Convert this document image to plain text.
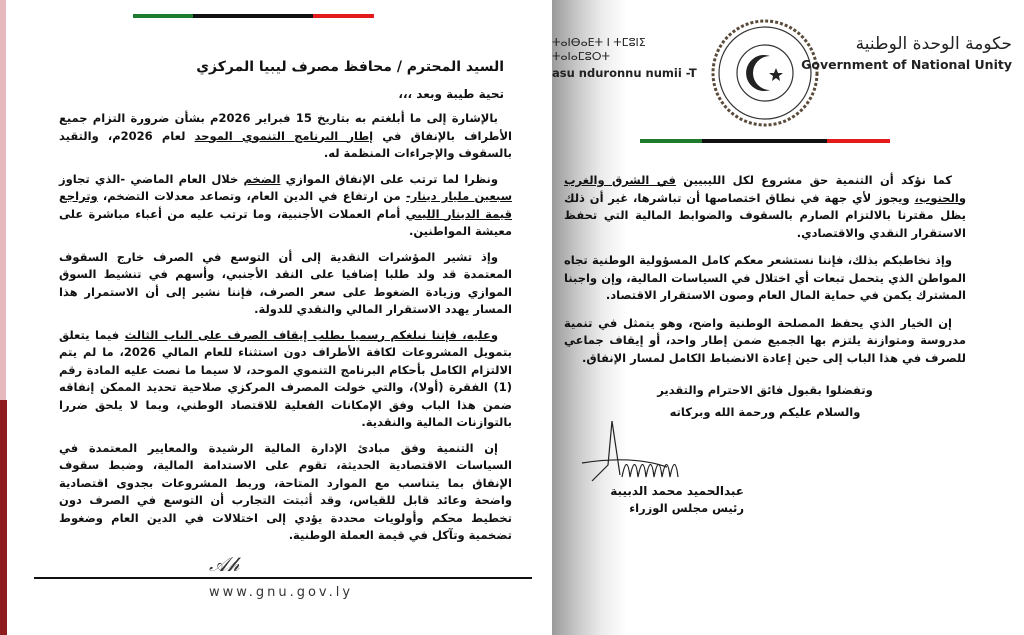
السيد المحترم / محافظ مصرف ليبيا المركزي
تحية طيبة وبعد ،،،

بالإشارة إلى ما أبلغتم به بتاريخ 15 فبراير 2026م بشأن ضرورة التزام جميع الأطراف بالإنفاق في إطار البرنامج التنموي الموحد لعام 2026م، والتقيد بالسقوف والإجراءات المنظمة له.

ونظرا لما ترتب على الإنفاق الموازي الضخم خلال العام الماضي -الذي تجاوز سبعين مليار دينار- من ارتفاع في الدين العام، وتصاعد معدلات التضخم، وتراجع قيمة الدينار الليبي أمام العملات الأجنبية، وما ترتب عليه من أعباء مباشرة على معيشة المواطنين.

وإذ تشير المؤشرات النقدية إلى أن التوسع في الصرف خارج السقوف المعتمدة قد ولد طلبا إضافيا على النقد الأجنبي، وأسهم في تنشيط السوق الموازي وزيادة الضغوط على سعر الصرف، فإننا نشير إلى أن الاستمرار هذا المسار يهدد الاستقرار المالي والنقدي للدولة.

وعليه، فإننا نبلغكم رسميا بطلب إيقاف الصرف على الباب الثالث فيما يتعلق بتمويل المشروعات لكافة الأطراف دون استثناء للعام المالي 2026، ما لم يتم الالتزام الكامل بأحكام البرنامج التنموي الموحد، لا سيما ما نصت عليه المادة رقم (1) الفقرة (أولا)، والتي خولت المصرف المركزي صلاحية تحديد الممكن إنفاقه ضمن هذا الباب وفق الإمكانات الفعلية للاقتصاد الوطني، وبما لا يلحق ضررا بالتوازنات المالية والنقدية.

إن التنمية وفق مبادئ الإدارة المالية الرشيدة والمعايير المعتمدة في السياسات الاقتصادية الحديثة، تقوم على الاستدامة المالية، وضبط سقوف الإنفاق بما يتناسب مع الموارد المتاحة، وربط المشروعات بجدوى اقتصادية واضحة وعائد قابل للقياس، وقد أثبتت التجارب أن التوسع في الصرف دون تخطيط محكم وأولويات محددة يؤدي إلى اختلالات في الدين العام وضغوط تضخمية وتآكل في قيمة العملة الوطنية.

𝒜𝒽
www.gnu.gov.ly
ⵜⴰⵏⴱⴰⴹⵜ ⵏ ⵜⵎⵓⵏⵉ ⵜⴰⵏⴰⵎⵓⵔⵜ
asu nduronnu numii -T
حكومة الوحدة الوطنية
Government of National Unity

كما نؤكد أن التنمية حق مشروع لكل الليبيين في الشرق والغرب والجنوب، ويجوز لأي جهة في نطاق اختصاصها أن تباشرها، غير أن ذلك يظل مقترنا بالالتزام الصارم بالسقوف والضوابط المالية التي تحفظ الاستقرار النقدي والاقتصادي.

وإذ نخاطبكم بذلك، فإننا نستشعر معكم كامل المسؤولية الوطنية تجاه المواطن الذي يتحمل تبعات أي اختلال في السياسات المالية، وإن واجبنا المشترك يكمن في حماية المال العام وصون الاستقرار الاقتصاد.

إن الخيار الذي يحفظ المصلحة الوطنية واضح، وهو يتمثل في تنمية مدروسة ومتوازنة يلتزم بها الجميع ضمن إطار واحد، أو إيقاف جماعي للصرف في هذا الباب إلى حين إعادة الانضباط الكامل لمسار الإنفاق.

وتفضلوا بقبول فائق الاحترام والتقدير
والسلام عليكم ورحمة الله وبركاته
عبدالحميد محمد الدبيبة
رئيس مجلس الوزراء
